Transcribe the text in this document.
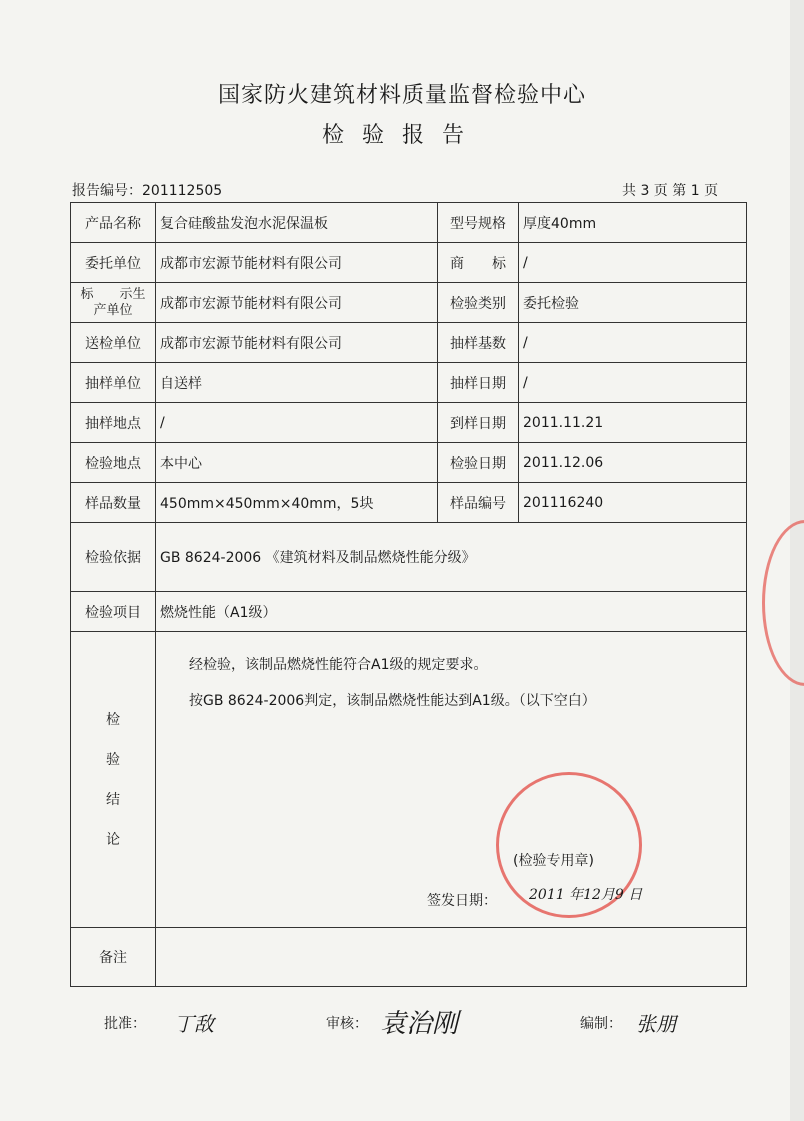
国家防火建筑材料质量监督检验中心
检验报告
报告编号：201112505	共 3 页 第 1 页
产品名称	复合硅酸盐发泡水泥保温板	型号规格	厚度40mm
委托单位	成都市宏源节能材料有限公司	商　　标	/
标　　示生产单位	成都市宏源节能材料有限公司	检验类别	委托检验
送检单位	成都市宏源节能材料有限公司	抽样基数	/
抽样单位	自送样	抽样日期	/
抽样地点	/	到样日期	2011.11.21
检验地点	本中心	检验日期	2011.12.06
样品数量	450mm×450mm×40mm，5块	样品编号	201116240
检验依据	GB 8624-2006 《建筑材料及制品燃烧性能分级》		
检验项目	燃烧性能（A1级）		
检验结论	经检验，该制品燃烧性能符合A1级的规定要求。

按GB 8624-2006判定，该制品燃烧性能达到A1级。（以下空白）

(检验专用章)

签发日期： 2011 年12月9 日		

备注			
批准： 丁敌	审核： 袁治刚	编制： 张朋
